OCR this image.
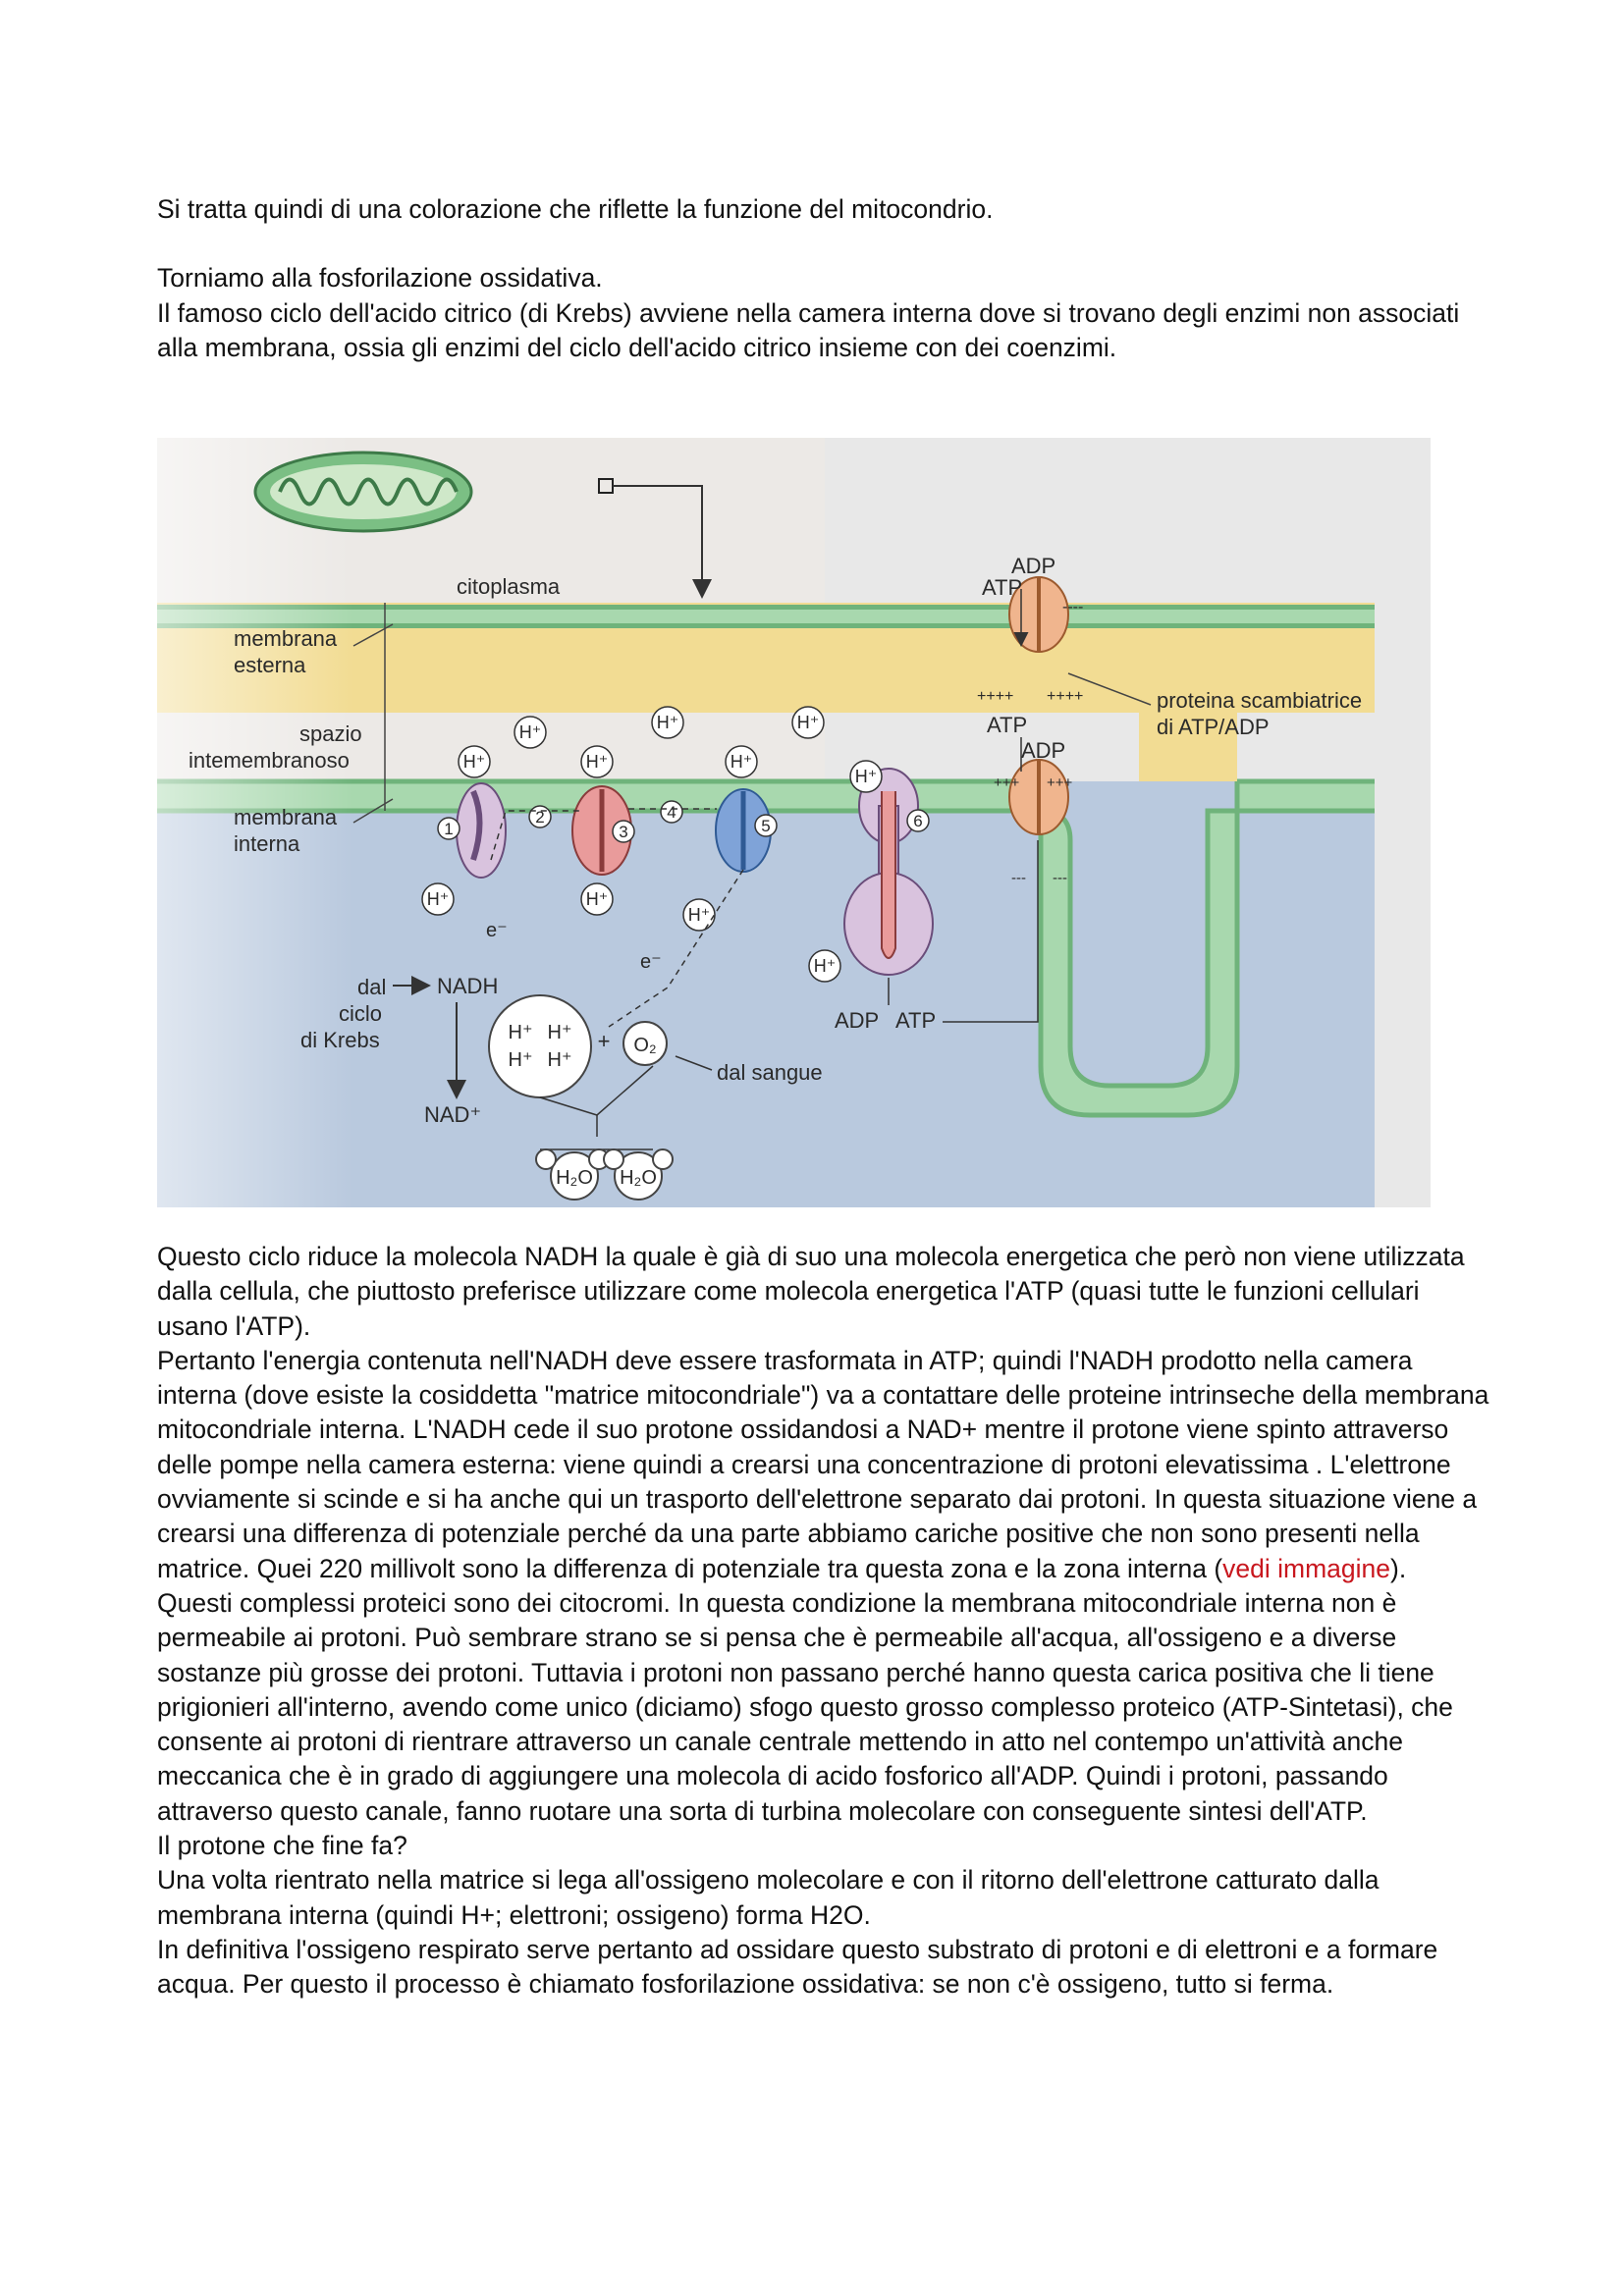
Si tratta quindi di una colorazione che riflette la funzione del mitocondrio.

Torniamo alla fosforilazione ossidativa.

Il famoso ciclo dell'acido citrico (di Krebs) avviene nella camera interna dove si trovano degli enzimi non associati alla membrana, ossia gli enzimi del ciclo dell'acido citrico insieme con dei coenzimi.

citoplasma
membrana
esterna
spazio
intemembranoso
membrana
interna
1
2
3
4
5	6
H⁺	H⁺	H⁺
H⁺	H⁺	H⁺
H⁺
H⁺	H⁺
H⁺
H⁺
e⁻
e⁻
dal
ciclo
di Krebs
NADH
NAD⁺
H⁺ H⁺
H⁺ H⁺
+ O₂
dal sangue
H₂O H₂O
ADP ATP
ADP
ATP
----
++++ ++++
ATP
ADP
+++ +++
--- ---
proteina scambiatrice
di ATP/ADP

Questo ciclo riduce la molecola NADH la quale è già di suo una molecola energetica che però non viene utilizzata dalla cellula, che piuttosto preferisce utilizzare come molecola energetica l'ATP (quasi tutte le funzioni cellulari usano l'ATP).

Pertanto l'energia contenuta nell'NADH deve essere trasformata in ATP; quindi l'NADH prodotto nella camera interna (dove esiste la cosiddetta "matrice mitocondriale") va a contattare delle proteine intrinseche della membrana mitocondriale interna. L'NADH cede il suo protone ossidandosi a NAD+ mentre il protone viene spinto attraverso delle pompe nella camera esterna: viene quindi a crearsi una concentrazione di protoni elevatissima . L'elettrone ovviamente si scinde e si ha anche qui un trasporto dell'elettrone separato dai protoni. In questa situazione viene a crearsi una differenza di potenziale perché da una parte abbiamo cariche positive che non sono presenti nella matrice. Quei 220 millivolt sono la differenza di potenziale tra questa zona e la zona interna (vedi immagine).

Questi complessi proteici sono dei citocromi. In questa condizione la membrana mitocondriale interna non è permeabile ai protoni. Può sembrare strano se si pensa che è permeabile all'acqua, all'ossigeno e a diverse sostanze più grosse dei protoni. Tuttavia i protoni non passano perché hanno questa carica positiva che li tiene prigionieri all'interno, avendo come unico (diciamo) sfogo questo grosso complesso proteico (ATP-Sintetasi), che consente ai protoni di rientrare attraverso un canale centrale mettendo in atto nel contempo un'attività anche meccanica che è in grado di aggiungere una molecola di acido fosforico all'ADP. Quindi i protoni, passando attraverso questo canale, fanno ruotare una sorta di turbina molecolare con conseguente sintesi dell'ATP.

Il protone che fine fa?

Una volta rientrato nella matrice si lega all'ossigeno molecolare e con il ritorno dell'elettrone catturato dalla membrana interna (quindi H+; elettroni; ossigeno) forma H2O.

In definitiva l'ossigeno respirato serve pertanto ad ossidare questo substrato di protoni e di elettroni e a formare acqua. Per questo il processo è chiamato fosforilazione ossidativa: se non c'è ossigeno, tutto si ferma.
